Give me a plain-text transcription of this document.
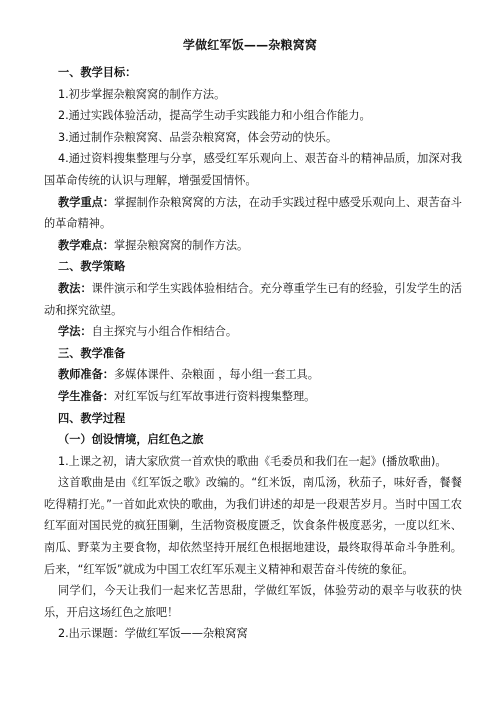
学做红军饭——杂粮窝窝

一、教学目标：

1.初步掌握杂粮窝窝的制作方法。

2.通过实践体验活动，提高学生动手实践能力和小组合作能力。

3.通过制作杂粮窝窝、品尝杂粮窝窝，体会劳动的快乐。

4.通过资料搜集整理与分享，感受红军乐观向上、艰苦奋斗的精神品质，加深对我国革命传统的认识与理解，增强爱国情怀。

教学重点：掌握制作杂粮窝窝的方法，在动手实践过程中感受乐观向上、艰苦奋斗的革命精神。

教学难点：掌握杂粮窝窝的制作方法。

二、教学策略

教法：课件演示和学生实践体验相结合。充分尊重学生已有的经验，引发学生的活动和探究欲望。

学法：自主探究与小组合作相结合。

三、教学准备

教师准备：多媒体课件、杂粮面 ，每小组一套工具。

学生准备：对红军饭与红军故事进行资料搜集整理。

四、教学过程

（一）创设情境，启红色之旅

1.上课之初，请大家欣赏一首欢快的歌曲《毛委员和我们在一起》(播放歌曲)。

这首歌曲是由《红军饭之歌》改编的。“红米饭，南瓜汤，秋茄子，味好香，餐餐吃得精打光。”一首如此欢快的歌曲，为我们讲述的却是一段艰苦岁月。当时中国工农红军面对国民党的疯狂围剿，生活物资极度匮乏，饮食条件极度恶劣，一度以红米、南瓜、野菜为主要食物，却依然坚持开展红色根据地建设，最终取得革命斗争胜利。后来，“红军饭”就成为中国工农红军乐观主义精神和艰苦奋斗传统的象征。

同学们，今天让我们一起来忆苦思甜，学做红军饭，体验劳动的艰辛与收获的快乐，开启这场红色之旅吧！

2.出示课题：学做红军饭——杂粮窝窝
